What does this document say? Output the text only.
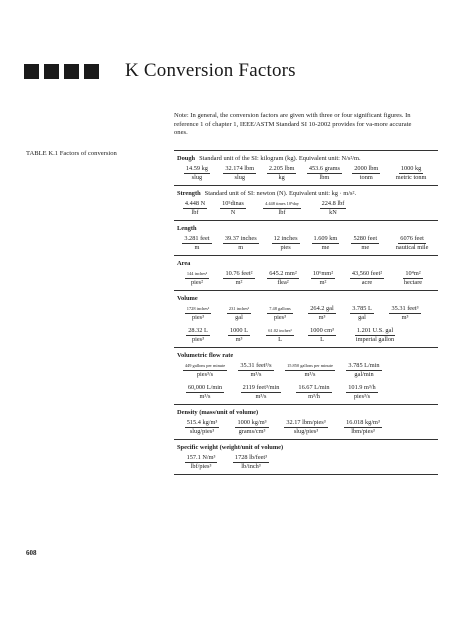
K Conversion Factors
Note: In general, the conversion factors are given with three or four significant figures. In reference 1 of chapter 1, IEEE/ASTM Standard SI 10-2002 provides for va-more accurate ones.
TABLE K.1 Factors of conversion
Dough Standard unit of the SI: kilogram (kg). Equivalent unit: N/s²/m.
$\frac{14.59 kg}{\text{slug}} \frac{\text{32.174 lbm}}{\text{slug}} \frac{\text{2.205 lbm}}{kg} \frac{\text{453.6 grams}}{\text{lbm}} \frac{\text{2000 lbm}}{\text{tonm}} \frac{1000 kg}{\text{metric tonm}}$
Strength Standard unit of SI: newton (N). Equivalent unit: kg · m/s².
$\frac{4.448 N}{\text{lbf}} \frac{\text{10⁵dinas}}{N} \frac{\text{4.448 times 10⁵day}}{\text{lbf}} \frac{\text{224.8 lbf}}{kN}$
Length
$\frac{\text{3.281 feet}}{m} \frac{\text{39.37 inches}}{m} \frac{\text{12 inches}}{\text{pies}} \frac{1.609 km}{me} \frac{\text{5280 feet}}{me} \frac{\text{6076 feet}}{\text{nautical mile}}$
Area
$\frac{\text{144 inches²}}{\text{pies²}} \frac{\text{10.76 feet²}}{\text{m²}} \frac{\text{645.2 mm²}}{\text{flea²}} \frac{\text{10⁶mm²}}{\text{m²}} \frac{\text{43,560 feet²}}{\text{acre}} \frac{\text{10⁴m²}}{\text{hectare}}$
Volume
$\frac{\text{1728 inches³}}{\text{pies³}} \frac{\text{231 inches³}}{\text{gal}} \frac{\text{7.48 gallons}}{\text{pies³}} \frac{\text{264.2 gal}}{\text{m³}} \frac{3.785 L}{\text{gal}} \frac{\text{35.31 feet³}}{\text{m³}}$
$\frac{28.32 L}{\text{pies³}} \frac{1000 L}{\text{m³}} \frac{\text{61.02 inches³}}{L} \frac{\text{1000 cm³}}{L} \frac{\text{1.201 U.S. gal}}{\text{imperial gallon}}$
Volumetric flow rate
$\frac{\text{449 gallons per minute}}{\text{pies³/s}} \frac{\text{35.31 feet³/s}}{\text{m³/s}} \frac{\text{15.850 gallons per minute}}{\text{m³/s}} \frac{3.785 L/\min}{\text{gal/min}}$
$\frac{60,000 L/\min}{\text{m³/s}} \frac{\text{2119 feet³/min}}{\text{m³/s}} \frac{16.67 L/\min}{\text{m³/h}} \frac{\text{101.9 m³/h}}{\text{pies³/s}}$
Density (mass/unit of volume)
$\frac{\text{515.4 kg/m³}}{\text{slug/pies³}} \frac{\text{1000 kg/m³}}{\text{grams/cm³}} \frac{\text{32.17 lbm/pies³}}{\text{slug/pies³}} \frac{\text{16.018 kg/m³}}{\text{lbm/pies³}}$
Specific weight (weight/unit of volume)
$\frac{\text{157.1 N/m³}}{\text{lbf/pies³}} \frac{\text{1728 lb/feet³}}{\text{lb/inch³}}$
608
